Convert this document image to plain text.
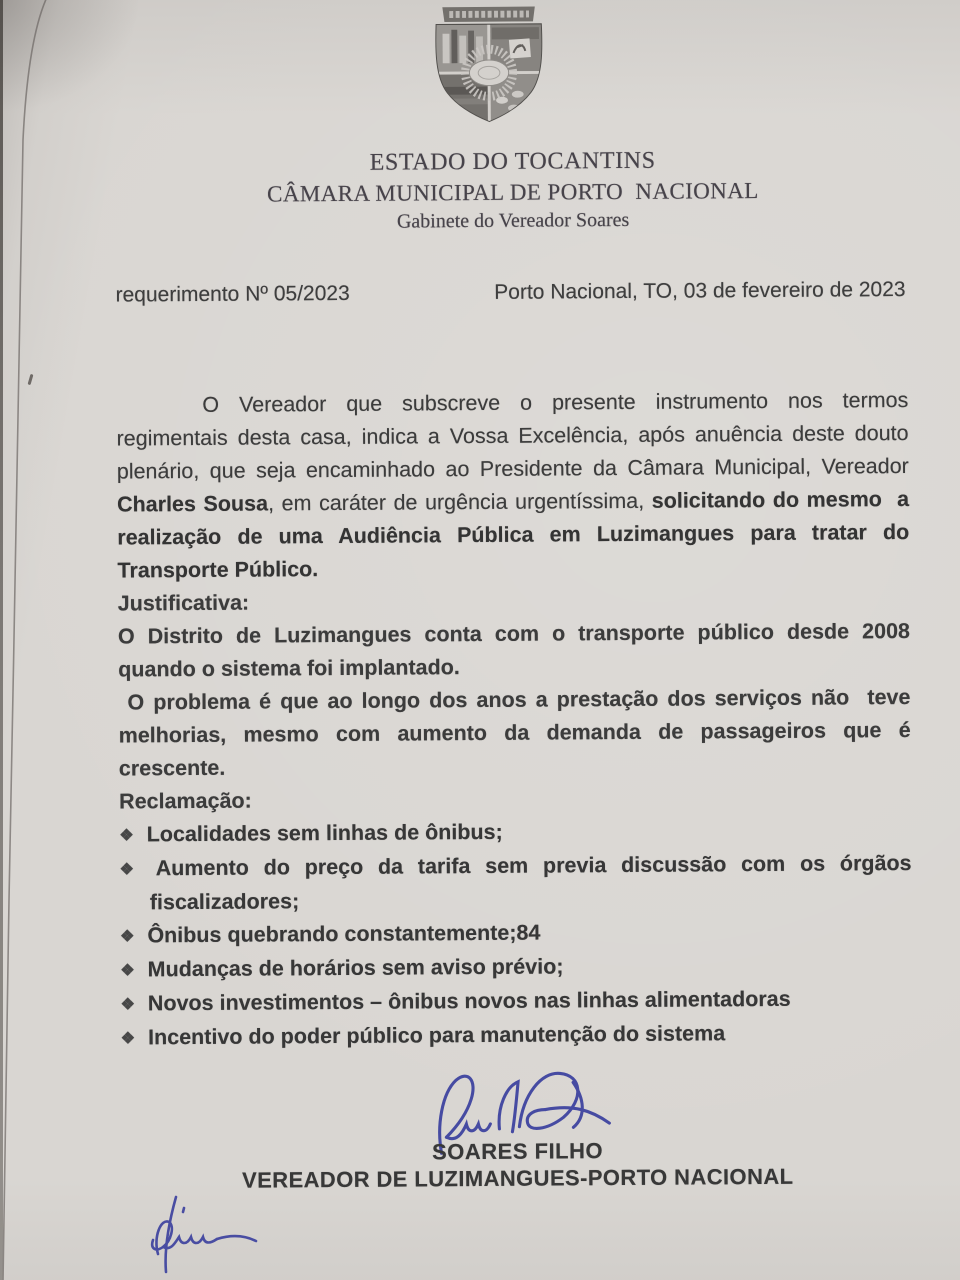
ESTADO DO TOCANTINS
CÂMARA MUNICIPAL DE PORTO  NACIONAL
Gabinete do Vereador Soares
requerimento Nº 05/2023	Porto Nacional, TO, 03 de fevereiro de 2023

O Vereador que subscreve o presente instrumento nos termos regimentais desta casa, indica a Vossa Excelência, após anuência deste douto plenário, que seja encaminhado ao Presidente da Câmara Municipal, Vereador Charles Sousa, em caráter de urgência urgentíssima, solicitando do mesmo  a realização de uma Audiência Pública em Luzimangues para tratar do Transporte Público.

Justificativa:

O Distrito de Luzimangues conta com o transporte público desde 2008 quando o sistema foi implantado.

O problema é que ao longo dos anos a prestação dos serviços não  teve melhorias, mesmo com aumento da demanda de passageiros que é crescente.

Reclamação:

❖ Localidades sem linhas de ônibus;
❖ Aumento do preço da tarifa sem previa discussão com os órgãos fiscalizadores;
❖ Ônibus quebrando constantemente;84
❖ Mudanças de horários sem aviso prévio;
❖ Novos investimentos – ônibus novos nas linhas alimentadoras
❖ Incentivo do poder público para manutenção do sistema
SOARES FILHO
VEREADOR DE LUZIMANGUES-PORTO NACIONAL
